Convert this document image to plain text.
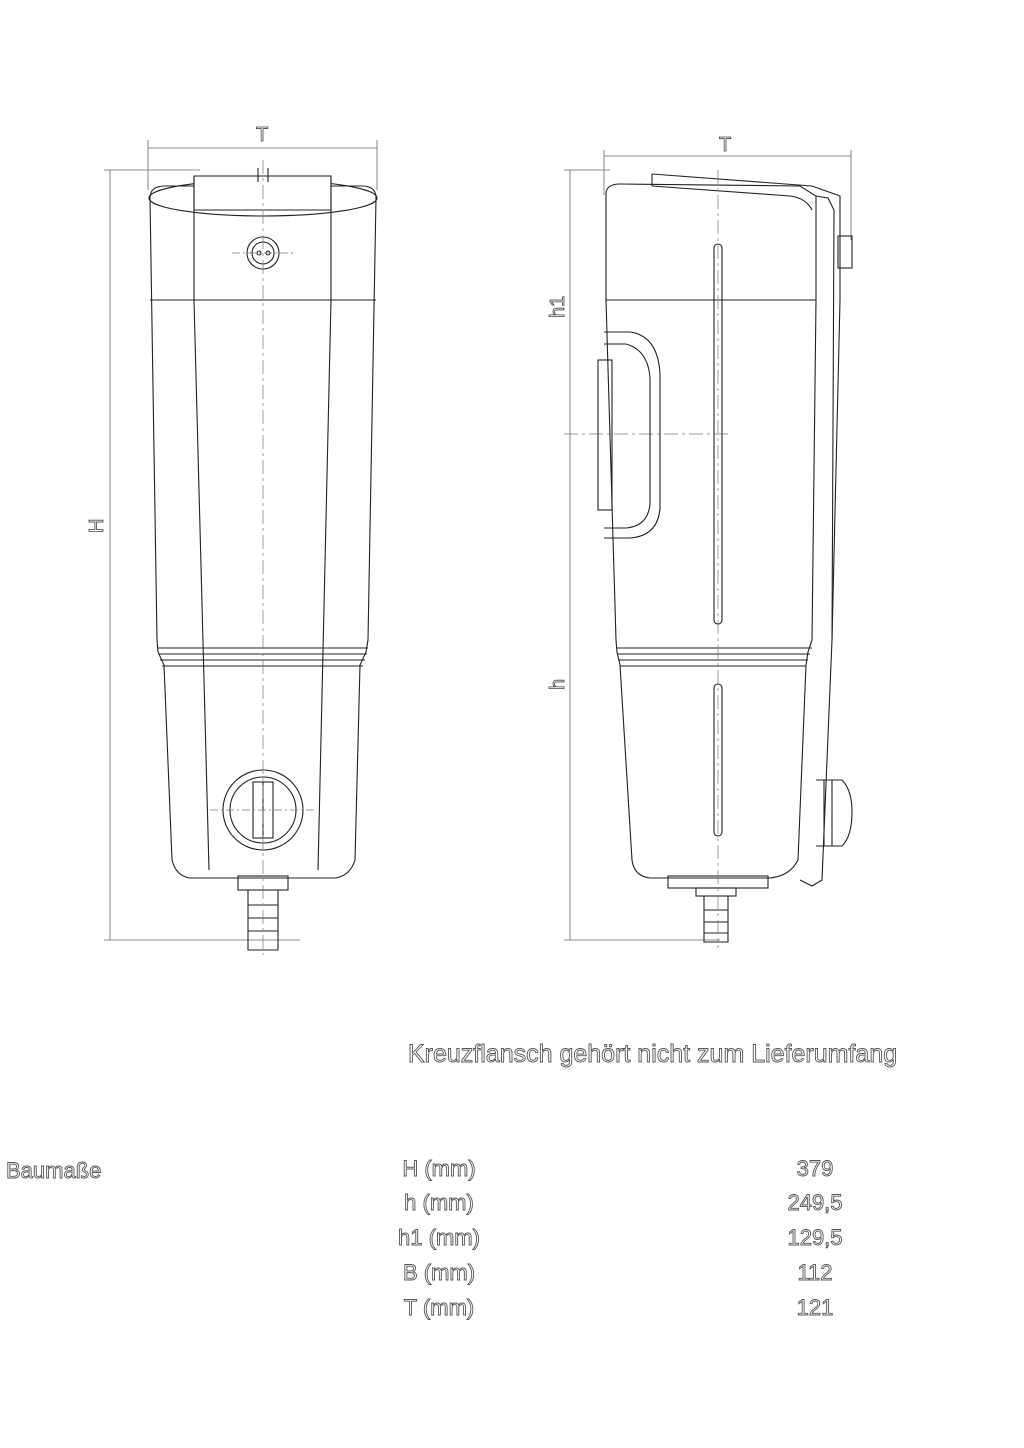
T
H
T
h1
h
Kreuzflansch gehört nicht zum Lieferumfang
Baumaße	H (mm)	379
h (mm)	249,5
h1 (mm)	129,5
B (mm)	112
T (mm)	121
